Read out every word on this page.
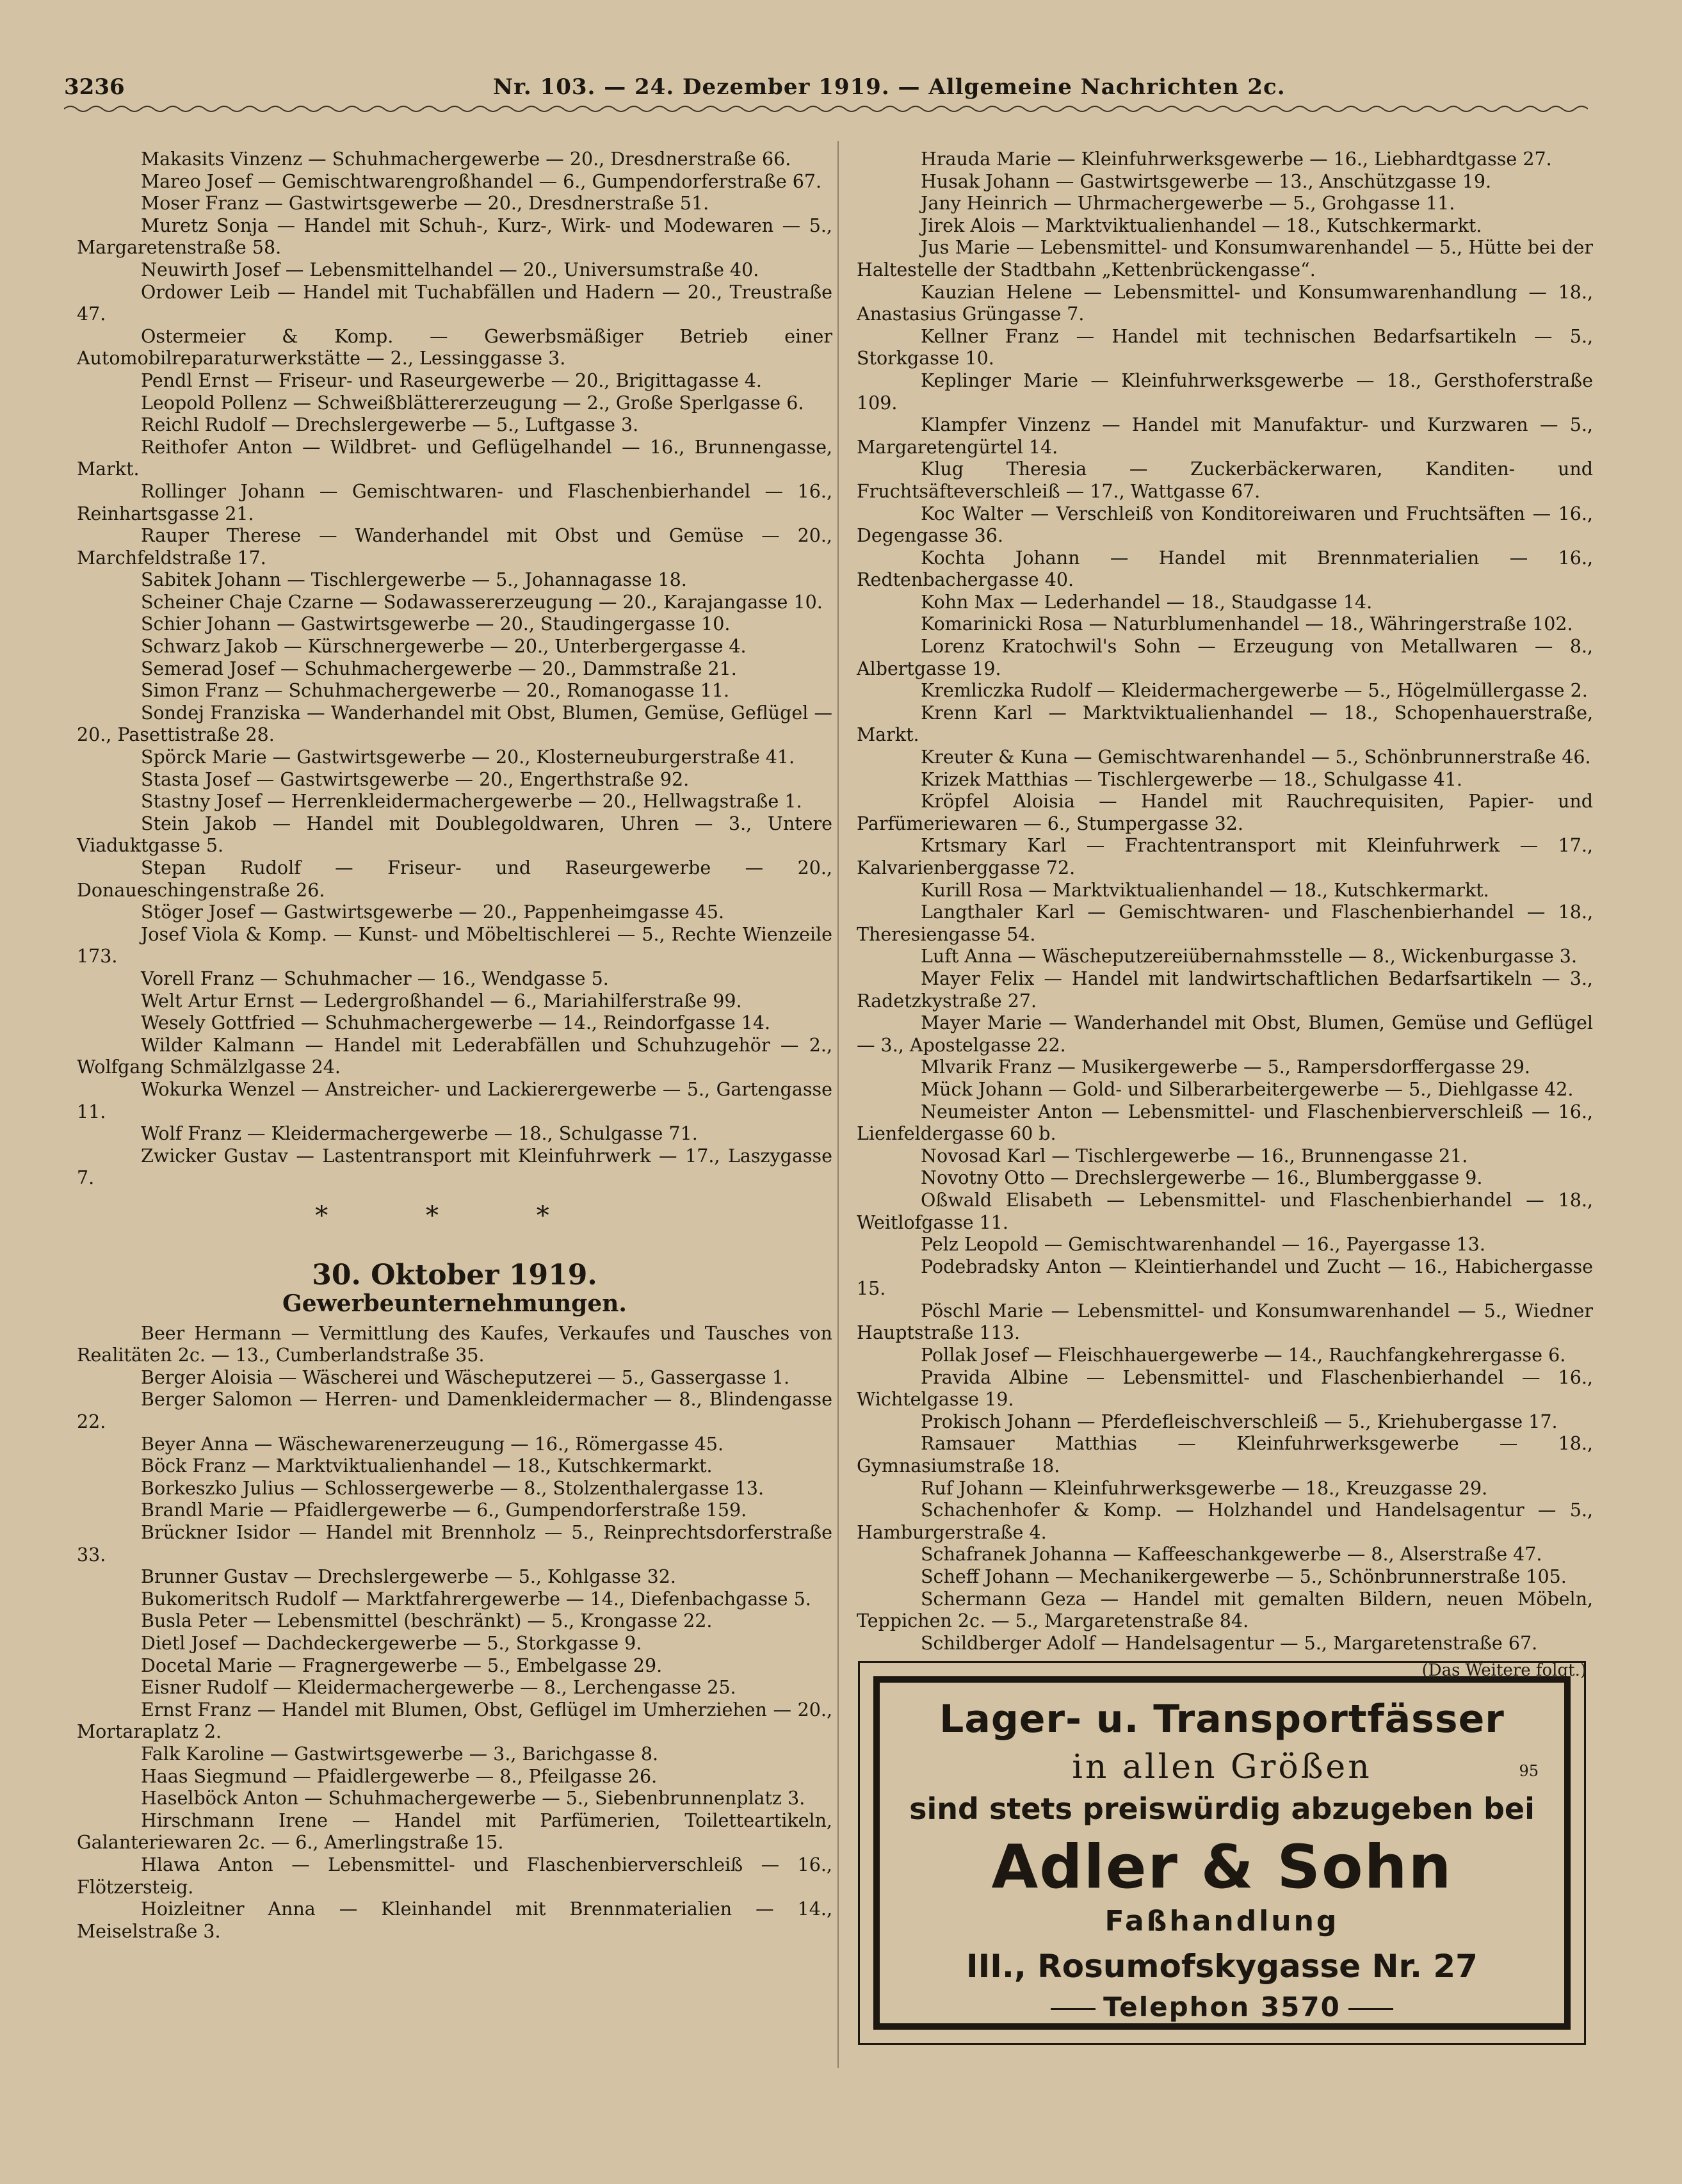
3236	Nr. 103. — 24. Dezember 1919. — Allgemeine Nachrichten 2c.

Makasits Vinzenz — Schuhmachergewerbe — 20., Dresdnerstraße 66.

Mareo Josef — Gemischtwarengroßhandel — 6., Gumpendorferstraße 67.

Moser Franz — Gastwirtsgewerbe — 20., Dresdnerstraße 51.

Muretz Sonja — Handel mit Schuh-, Kurz-, Wirk- und Modewaren — 5., Margaretenstraße 58.

Neuwirth Josef — Lebensmittelhandel — 20., Universumstraße 40.

Ordower Leib — Handel mit Tuchabfällen und Hadern — 20., Treustraße 47.

Ostermeier & Komp. — Gewerbsmäßiger Betrieb einer Automobilreparaturwerkstätte — 2., Lessinggasse 3.

Pendl Ernst — Friseur- und Raseurgewerbe — 20., Brigittagasse 4.

Leopold Pollenz — Schweißblättererzeugung — 2., Große Sperlgasse 6.

Reichl Rudolf — Drechslergewerbe — 5., Luftgasse 3.

Reithofer Anton — Wildbret- und Geflügelhandel — 16., Brunnengasse, Markt.

Rollinger Johann — Gemischtwaren- und Flaschenbierhandel — 16., Reinhartsgasse 21.

Rauper Therese — Wanderhandel mit Obst und Gemüse — 20., Marchfeldstraße 17.

Sabitek Johann — Tischlergewerbe — 5., Johannagasse 18.

Scheiner Chaje Czarne — Sodawassererzeugung — 20., Karajangasse 10.

Schier Johann — Gastwirtsgewerbe — 20., Staudingergasse 10.

Schwarz Jakob — Kürschnergewerbe — 20., Unterbergergasse 4.

Semerad Josef — Schuhmachergewerbe — 20., Dammstraße 21.

Simon Franz — Schuhmachergewerbe — 20., Romanogasse 11.

Sondej Franziska — Wanderhandel mit Obst, Blumen, Gemüse, Geflügel — 20., Pasettistraße 28.

Spörck Marie — Gastwirtsgewerbe — 20., Klosterneuburgerstraße 41.

Stasta Josef — Gastwirtsgewerbe — 20., Engerthstraße 92.

Stastny Josef — Herrenkleidermachergewerbe — 20., Hellwagstraße 1.

Stein Jakob — Handel mit Doublegoldwaren, Uhren — 3., Untere Viaduktgasse 5.

Stepan Rudolf — Friseur- und Raseurgewerbe — 20., Donaueschingenstraße 26.

Stöger Josef — Gastwirtsgewerbe — 20., Pappenheimgasse 45.

Josef Viola & Komp. — Kunst- und Möbeltischlerei — 5., Rechte Wienzeile 173.

Vorell Franz — Schuhmacher — 16., Wendgasse 5.

Welt Artur Ernst — Ledergroßhandel — 6., Mariahilferstraße 99.

Wesely Gottfried — Schuhmachergewerbe — 14., Reindorfgasse 14.

Wilder Kalmann — Handel mit Lederabfällen und Schuhzugehör — 2., Wolfgang Schmälzlgasse 24.

Wokurka Wenzel — Anstreicher- und Lackierergewerbe — 5., Gartengasse 11.

Wolf Franz — Kleidermachergewerbe — 18., Schulgasse 71.

Zwicker Gustav — Lastentransport mit Kleinfuhrwerk — 17., Laszygasse 7.

* * *
30. Oktober 1919.
Gewerbeunternehmungen.

Beer Hermann — Vermittlung des Kaufes, Verkaufes und Tausches von Realitäten 2c. — 13., Cumberlandstraße 35.

Berger Aloisia — Wäscherei und Wäscheputzerei — 5., Gassergasse 1.

Berger Salomon — Herren- und Damenkleidermacher — 8., Blindengasse 22.

Beyer Anna — Wäschewarenerzeugung — 16., Römergasse 45.

Böck Franz — Marktviktualienhandel — 18., Kutschkermarkt.

Borkeszko Julius — Schlossergewerbe — 8., Stolzenthalergasse 13.

Brandl Marie — Pfaidlergewerbe — 6., Gumpendorferstraße 159.

Brückner Isidor — Handel mit Brennholz — 5., Reinprechtsdorferstraße 33.

Brunner Gustav — Drechslergewerbe — 5., Kohlgasse 32.

Bukomeritsch Rudolf — Marktfahrergewerbe — 14., Diefenbachgasse 5.

Busla Peter — Lebensmittel (beschränkt) — 5., Krongasse 22.

Dietl Josef — Dachdeckergewerbe — 5., Storkgasse 9.

Docetal Marie — Fragnergewerbe — 5., Embelgasse 29.

Eisner Rudolf — Kleidermachergewerbe — 8., Lerchengasse 25.

Ernst Franz — Handel mit Blumen, Obst, Geflügel im Umherziehen — 20., Mortaraplatz 2.

Falk Karoline — Gastwirtsgewerbe — 3., Barichgasse 8.

Haas Siegmund — Pfaidlergewerbe — 8., Pfeilgasse 26.

Haselböck Anton — Schuhmachergewerbe — 5., Siebenbrunnenplatz 3.

Hirschmann Irene — Handel mit Parfümerien, Toiletteartikeln, Galanteriewaren 2c. — 6., Amerlingstraße 15.

Hlawa Anton — Lebensmittel- und Flaschenbierverschleiß — 16., Flötzersteig.

Hoizleitner Anna — Kleinhandel mit Brennmaterialien — 14., Meiselstraße 3.

Hrauda Marie — Kleinfuhrwerksgewerbe — 16., Liebhardtgasse 27.

Husak Johann — Gastwirtsgewerbe — 13., Anschützgasse 19.

Jany Heinrich — Uhrmachergewerbe — 5., Grohgasse 11.

Jirek Alois — Marktviktualienhandel — 18., Kutschkermarkt.

Jus Marie — Lebensmittel- und Konsumwarenhandel — 5., Hütte bei der Haltestelle der Stadtbahn „Kettenbrückengasse“.

Kauzian Helene — Lebensmittel- und Konsumwarenhandlung — 18., Anastasius Grüngasse 7.

Kellner Franz — Handel mit technischen Bedarfsartikeln — 5., Storkgasse 10.

Keplinger Marie — Kleinfuhrwerksgewerbe — 18., Gersthoferstraße 109.

Klampfer Vinzenz — Handel mit Manufaktur- und Kurzwaren — 5., Margaretengürtel 14.

Klug Theresia — Zuckerbäckerwaren, Kanditen- und Fruchtsäfteverschleiß — 17., Wattgasse 67.

Koc Walter — Verschleiß von Konditoreiwaren und Fruchtsäften — 16., Degengasse 36.

Kochta Johann — Handel mit Brennmaterialien — 16., Redtenbachergasse 40.

Kohn Max — Lederhandel — 18., Staudgasse 14.

Komarinicki Rosa — Naturblumenhandel — 18., Währingerstraße 102.

Lorenz Kratochwil's Sohn — Erzeugung von Metallwaren — 8., Albertgasse 19.

Kremliczka Rudolf — Kleidermachergewerbe — 5., Högelmüllergasse 2.

Krenn Karl — Marktviktualienhandel — 18., Schopenhauerstraße, Markt.

Kreuter & Kuna — Gemischtwarenhandel — 5., Schönbrunnerstraße 46.

Krizek Matthias — Tischlergewerbe — 18., Schulgasse 41.

Kröpfel Aloisia — Handel mit Rauchrequisiten, Papier- und Parfümeriewaren — 6., Stumpergasse 32.

Krtsmary Karl — Frachtentransport mit Kleinfuhrwerk — 17., Kalvarienberggasse 72.

Kurill Rosa — Marktviktualienhandel — 18., Kutschkermarkt.

Langthaler Karl — Gemischtwaren- und Flaschenbierhandel — 18., Theresiengasse 54.

Luft Anna — Wäscheputzereiübernahmsstelle — 8., Wickenburgasse 3.

Mayer Felix — Handel mit landwirtschaftlichen Bedarfsartikeln — 3., Radetzkystraße 27.

Mayer Marie — Wanderhandel mit Obst, Blumen, Gemüse und Geflügel — 3., Apostelgasse 22.

Mlvarik Franz — Musikergewerbe — 5., Rampersdorffergasse 29.

Mück Johann — Gold- und Silberarbeitergewerbe — 5., Diehlgasse 42.

Neumeister Anton — Lebensmittel- und Flaschenbierverschleiß — 16., Lienfeldergasse 60 b.

Novosad Karl — Tischlergewerbe — 16., Brunnengasse 21.

Novotny Otto — Drechslergewerbe — 16., Blumberggasse 9.

Oßwald Elisabeth — Lebensmittel- und Flaschenbierhandel — 18., Weitlofgasse 11.

Pelz Leopold — Gemischtwarenhandel — 16., Payergasse 13.

Podebradsky Anton — Kleintierhandel und Zucht — 16., Habichergasse 15.

Pöschl Marie — Lebensmittel- und Konsumwarenhandel — 5., Wiedner Hauptstraße 113.

Pollak Josef — Fleischhauergewerbe — 14., Rauchfangkehrergasse 6.

Pravida Albine — Lebensmittel- und Flaschenbierhandel — 16., Wichtelgasse 19.

Prokisch Johann — Pferdefleischverschleiß — 5., Kriehubergasse 17.

Ramsauer Matthias — Kleinfuhrwerksgewerbe — 18., Gymnasiumstraße 18.

Ruf Johann — Kleinfuhrwerksgewerbe — 18., Kreuzgasse 29.

Schachenhofer & Komp. — Holzhandel und Handelsagentur — 5., Hamburgerstraße 4.

Schafranek Johanna — Kaffeeschankgewerbe — 8., Alserstraße 47.

Scheff Johann — Mechanikergewerbe — 5., Schönbrunnerstraße 105.

Schermann Geza — Handel mit gemalten Bildern, neuen Möbeln, Teppichen 2c. — 5., Margaretenstraße 84.

Schildberger Adolf — Handelsagentur — 5., Margaretenstraße 67.

(Das Weitere folgt.)
Lager- u. Transportfässer
in allen Größen	95
sind stets preiswürdig abzugeben bei
Adler & Sohn
Faßhandlung
III., Rosumofskygasse Nr. 27
Telephon 3570
